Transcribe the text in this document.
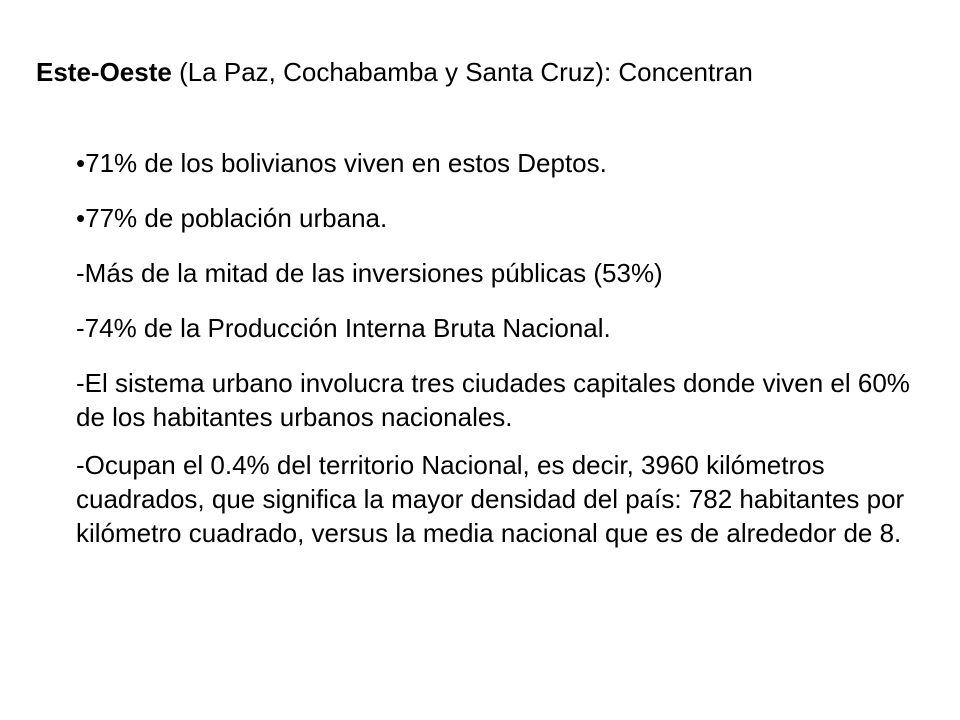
Este-Oeste (La Paz, Cochabamba y Santa Cruz): Concentran
•71% de los bolivianos viven en estos Deptos.
•77% de población urbana.
-Más de la mitad de las inversiones públicas (53%)
-74% de la Producción Interna Bruta Nacional.
-El sistema urbano involucra tres ciudades capitales donde viven el 60% de los habitantes urbanos nacionales.
-Ocupan el 0.4% del territorio Nacional, es decir, 3960 kilómetros cuadrados, que significa la mayor densidad del país: 782 habitantes por kilómetro cuadrado, versus la media nacional que es de alrededor de 8.
